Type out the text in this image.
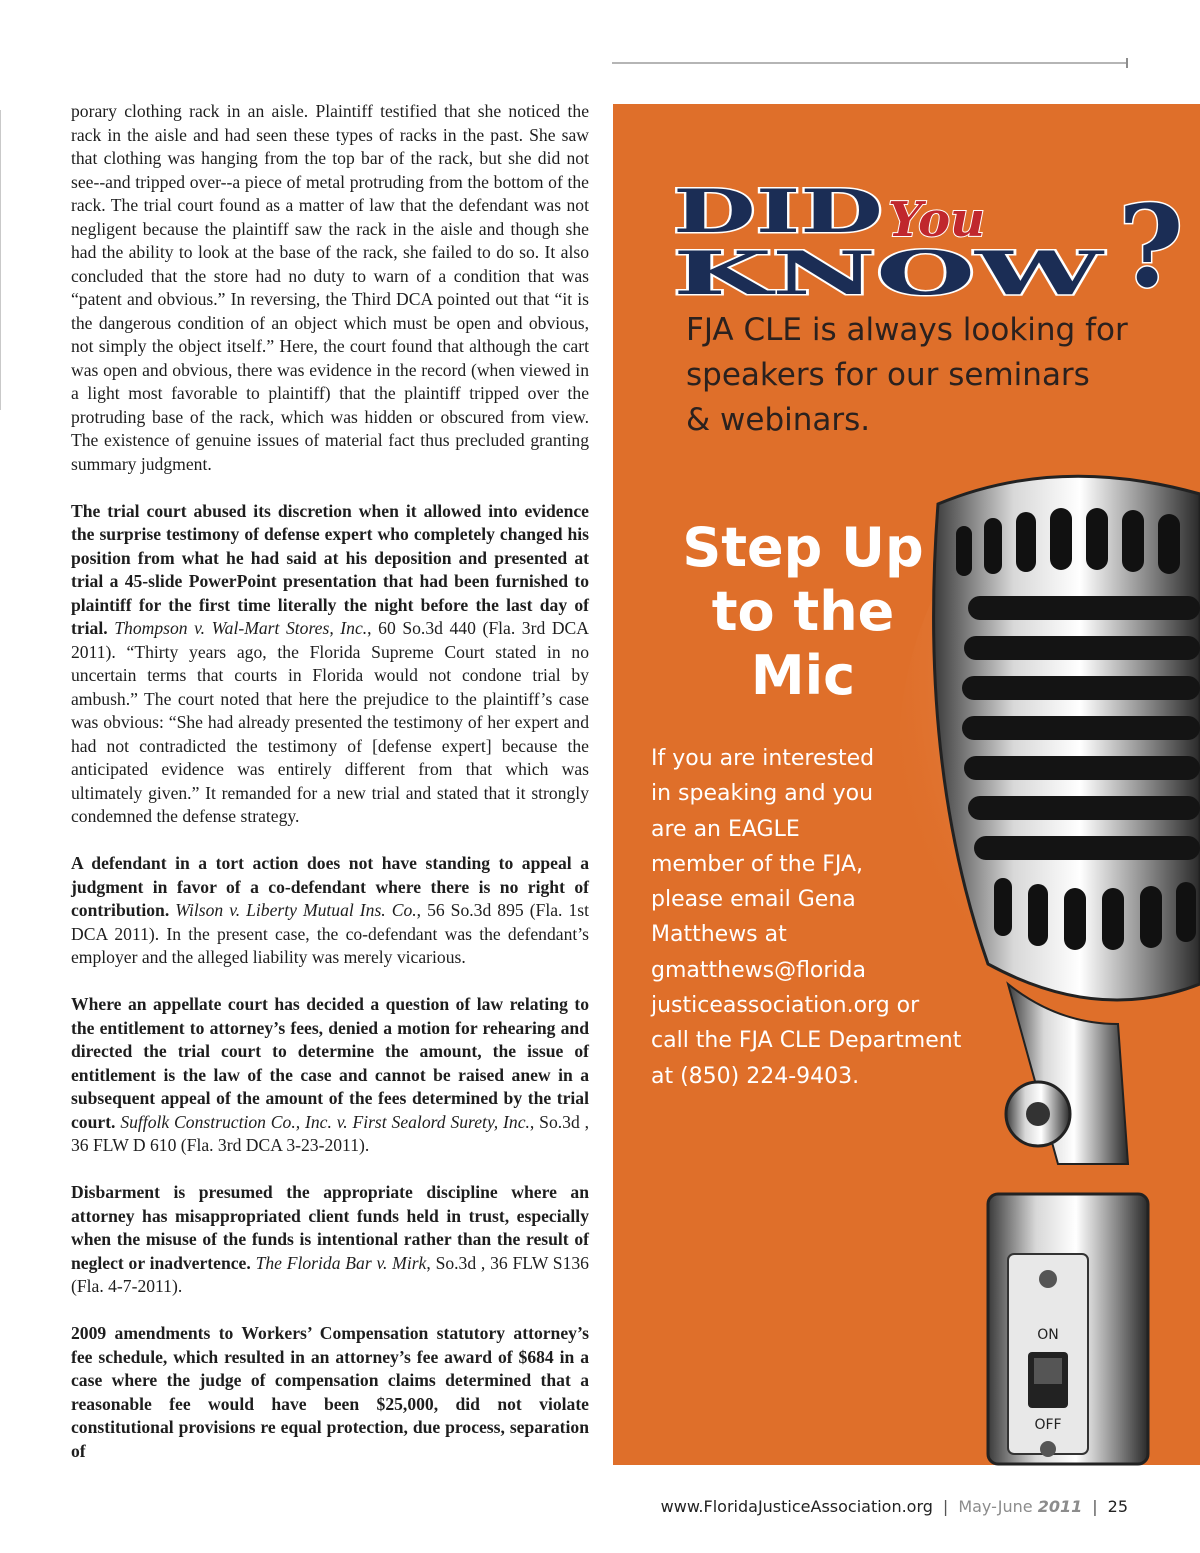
porary clothing rack in an aisle. Plaintiff testified that she noticed the rack in the aisle and had seen these types of racks in the past. She saw that clothing was hanging from the top bar of the rack, but she did not see--and tripped over--a piece of metal protruding from the bottom of the rack. The trial court found as a matter of law that the defendant was not negligent because the plaintiff saw the rack in the aisle and though she had the ability to look at the base of the rack, she failed to do so. It also concluded that the store had no duty to warn of a condition that was “patent and obvious.” In reversing, the Third DCA pointed out that “it is the dangerous condition of an object which must be open and obvious, not simply the object itself.” Here, the court found that although the cart was open and obvious, there was evidence in the record (when viewed in a light most favorable to plaintiff) that the plaintiff tripped over the protruding base of the rack, which was hidden or obscured from view. The existence of genuine issues of material fact thus precluded granting summary judgment.

The trial court abused its discretion when it allowed into evidence the surprise testimony of defense expert who completely changed his position from what he had said at his deposition and presented at trial a 45-slide PowerPoint presentation that had been furnished to plaintiff for the first time literally the night before the last day of trial. Thompson v. Wal-Mart Stores, Inc., 60 So.3d 440 (Fla. 3rd DCA 2011). “Thirty years ago, the Florida Supreme Court stated in no uncertain terms that courts in Florida would not condone trial by ambush.” The court noted that here the prejudice to the plaintiff’s case was obvious: “She had already presented the testimony of her expert and had not contradicted the testimony of [defense expert] because the anticipated evidence was entirely different from that which was ultimately given.” It remanded for a new trial and stated that it strongly condemned the defense strategy.

A defendant in a tort action does not have standing to appeal a judgment in favor of a co-defendant where there is no right of contribution. Wilson v. Liberty Mutual Ins. Co., 56 So.3d 895 (Fla. 1st DCA 2011). In the present case, the co-defendant was the defendant’s employer and the alleged liability was merely vicarious.

Where an appellate court has decided a question of law relating to the entitlement to attorney’s fees, denied a motion for rehearing and directed the trial court to determine the amount, the issue of entitlement is the law of the case and cannot be raised anew in a subsequent appeal of the amount of the fees determined by the trial court. Suffolk Construction Co., Inc. v. First Sealord Surety, Inc., So.3d , 36 FLW D 610 (Fla. 3rd DCA 3-23-2011).

Disbarment is presumed the appropriate discipline where an attorney has misappropriated client funds held in trust, especially when the misuse of the funds is intentional rather than the result of neglect or inadvertence. The Florida Bar v. Mirk, So.3d , 36 FLW S136 (Fla. 4-7-2011).

2009 amendments to Workers’ Compensation statutory attorney’s fee schedule, which resulted in an attorney’s fee award of $684 in a case where the judge of compensation claims determined that a reasonable fee would have been $25,000, did not violate constitutional provisions re equal protection, due process, separation of

DID You
KNOW ?
FJA CLE is always looking for
speakers for our seminars
& webinars.
ON
OFF
Step Up
to the
Mic
If you are interested
in speaking and you
are an EAGLE
member of the FJA,
please email Gena
Matthews at
gmatthews@florida
justiceassociation.org or
call the FJA CLE Department
at (850) 224-9403.
www.FloridaJusticeAssociation.org | May-June 2011 | 25
